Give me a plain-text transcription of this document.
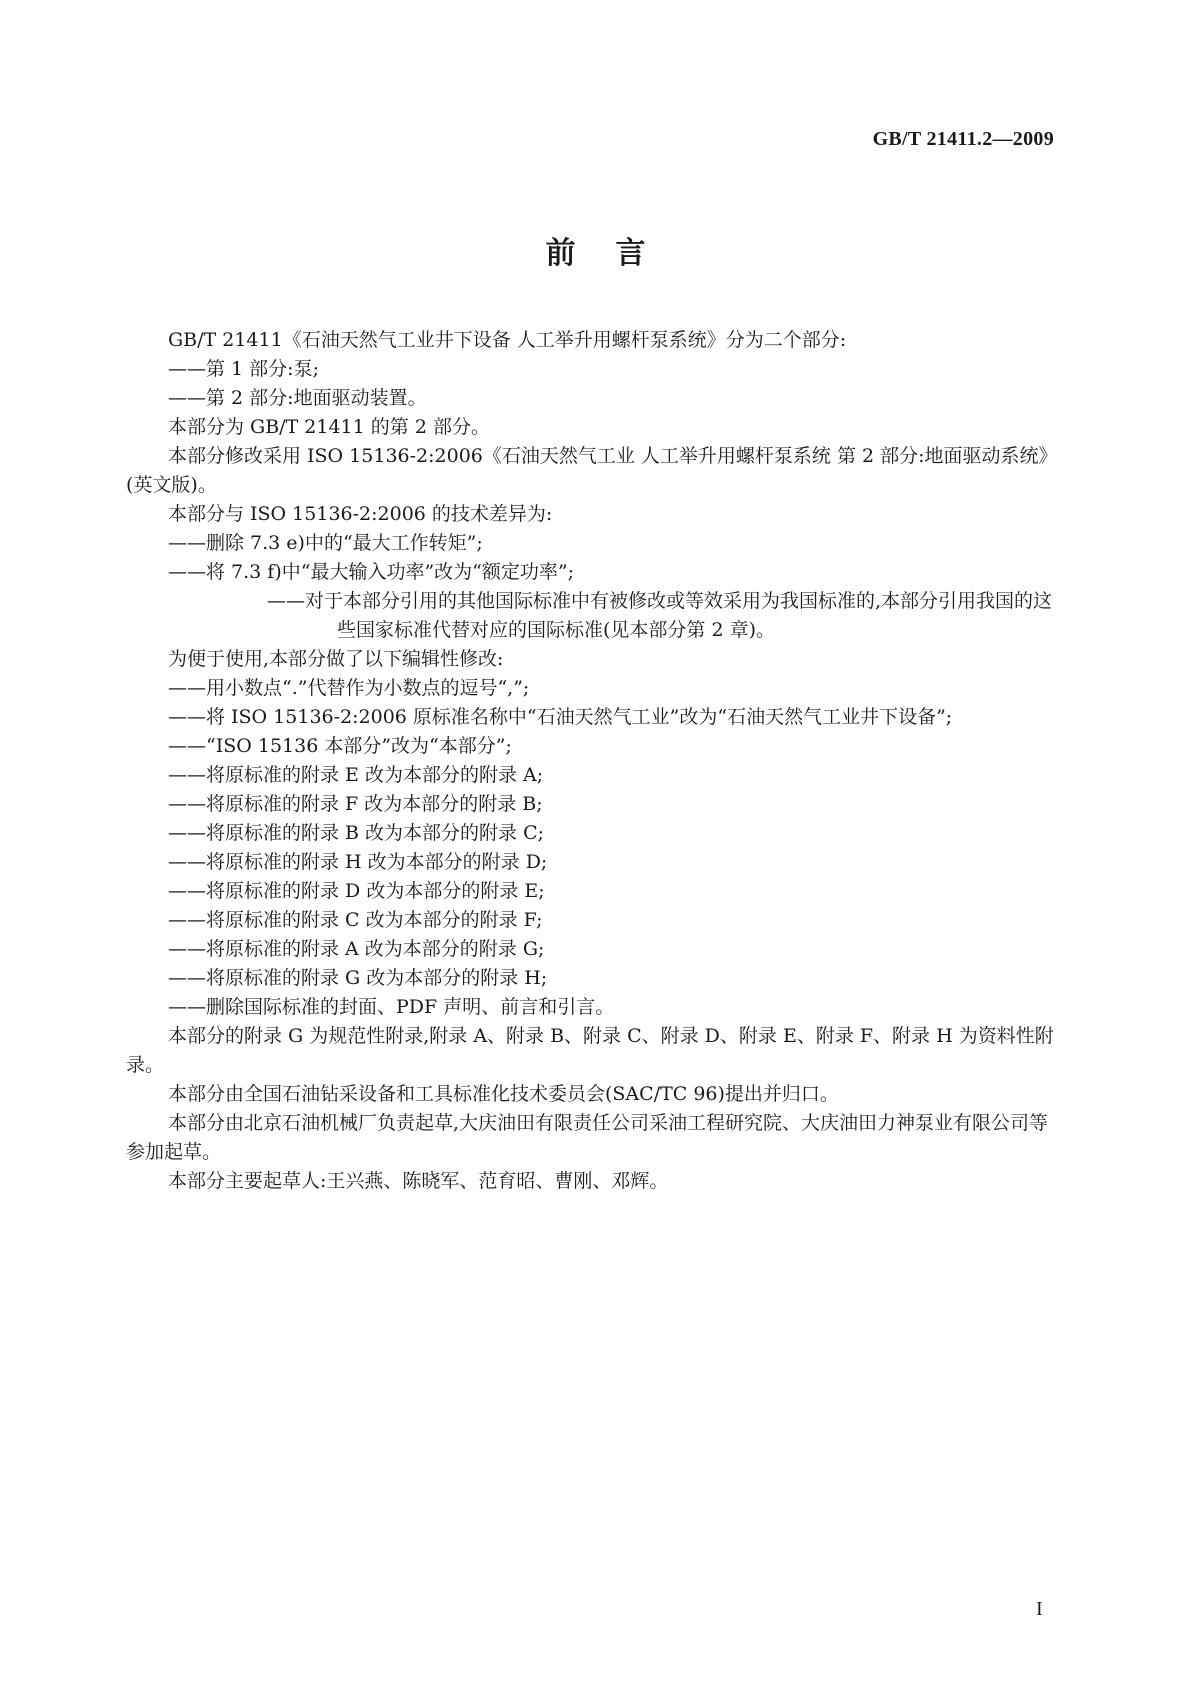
GB/T 21411.2—2009
前言

GB/T 21411《石油天然气工业井下设备 人工举升用螺杆泵系统》分为二个部分:

——第 1 部分:泵;

——第 2 部分:地面驱动装置。

本部分为 GB/T 21411 的第 2 部分。

本部分修改采用 ISO 15136-2:2006《石油天然气工业 人工举升用螺杆泵系统 第 2 部分:地面驱动系统》(英文版)。

本部分与 ISO 15136-2:2006 的技术差异为:

——删除 7.3 e)中的“最大工作转矩”;

——将 7.3 f)中“最大输入功率”改为“额定功率”;

——对于本部分引用的其他国际标准中有被修改或等效采用为我国标准的,本部分引用我国的这些国家标准代替对应的国际标准(见本部分第 2 章)。

为便于使用,本部分做了以下编辑性修改:

——用小数点“.”代替作为小数点的逗号“,”;

——将 ISO 15136-2:2006 原标准名称中“石油天然气工业”改为“石油天然气工业井下设备”;

——“ISO 15136 本部分”改为“本部分”;

——将原标准的附录 E 改为本部分的附录 A;

——将原标准的附录 F 改为本部分的附录 B;

——将原标准的附录 B 改为本部分的附录 C;

——将原标准的附录 H 改为本部分的附录 D;

——将原标准的附录 D 改为本部分的附录 E;

——将原标准的附录 C 改为本部分的附录 F;

——将原标准的附录 A 改为本部分的附录 G;

——将原标准的附录 G 改为本部分的附录 H;

——删除国际标准的封面、PDF 声明、前言和引言。

本部分的附录 G 为规范性附录,附录 A、附录 B、附录 C、附录 D、附录 E、附录 F、附录 H 为资料性附录。

本部分由全国石油钻采设备和工具标准化技术委员会(SAC/TC 96)提出并归口。

本部分由北京石油机械厂负责起草,大庆油田有限责任公司采油工程研究院、大庆油田力神泵业有限公司等参加起草。

本部分主要起草人:王兴燕、陈晓军、范育昭、曹刚、邓辉。

I
